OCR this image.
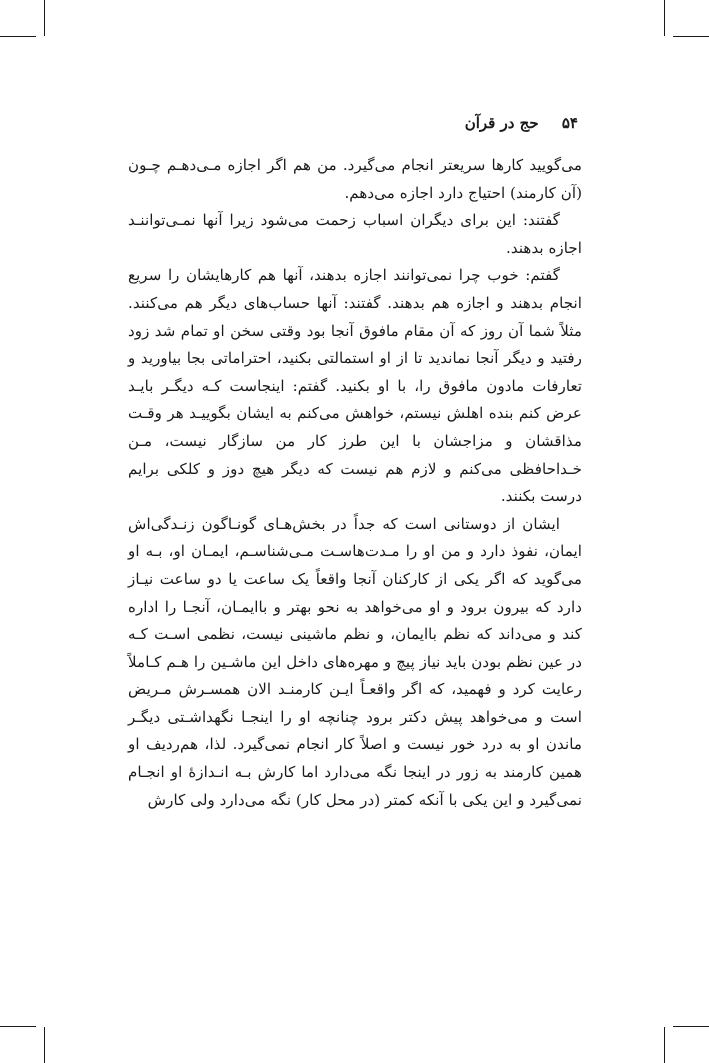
۵۴ حج در قرآن

می‌گویید کارها سریعتر انجام می‌گیرد. من هم اگر اجازه مـی‌دهـم چـون (آن کارمند) احتیاج دارد اجازه می‌دهم.

گفتند: این برای دیگران اسباب زحمت می‌شود زیرا آنها نمـی‌تواننـد اجازه بدهند.

گفتم: خوب چرا نمی‌توانند اجازه بدهند، آنها هم کارهایشان را سریع انجام بدهند و اجازه هم بدهند. گفتند: آنها حساب‌های دیگر هم می‌کنند. مثلاً شما آن روز که آن مقام مافوق آنجا بود وقتی سخن او تمام شد زود رفتید و دیگر آنجا نماندید تا از او استمالتی بکنید، احتراماتی بجا بیاورید و تعارفات مادون مافوق را، با او بکنید. گفتم: اینجاست کـه دیگـر بایـد عرض کنم بنده اهلش نیستم، خواهش می‌کنم به ایشان بگوییـد هر وقـت مذاقشان و مزاجشان با این طرز کار من سازگار نیست، مـن خـداحافظی می‌کنم و لازم هم نیست که دیگر هیچ دوز و کلکی برایم درست بکنند.

ایشان از دوستانی است که جداً در بخش‌هـای گونـاگون زنـدگی‌اش ایمان، نفوذ دارد و من او را مـدت‌هاسـت مـی‌شناسـم، ایمـان او، بـه او می‌گوید که اگر یکی از کارکنان آنجا واقعاً یک ساعت یا دو ساعت نیـاز دارد که بیرون برود و او می‌خواهد به نحو بهتر و باایمـان، آنجـا را اداره کند و می‌داند که نظم باایمان، و نظم ماشینی نیست، نظمی اسـت کـه در عین نظم بودن باید نیاز پیچ و مهره‌های داخل این ماشـین را هـم کـاملاً رعایت کرد و فهمید، که اگر واقعـاً ایـن کارمنـد الان همسـرش مـریض است و می‌خواهد پیش دکتر برود چنانچه او را اینجـا نگهداشـتی دیگـر ماندن او به درد خور نیست و اصلاً کار انجام نمی‌گیرد. لذا، هم‌ردیف او همین کارمند به زور در اینجا نگه می‌دارد اما کارش بـه انـدازهٔ او انجـام نمی‌گیرد و این یکی با آنکه کمتر (در محل کار) نگه می‌دارد ولی کارش
